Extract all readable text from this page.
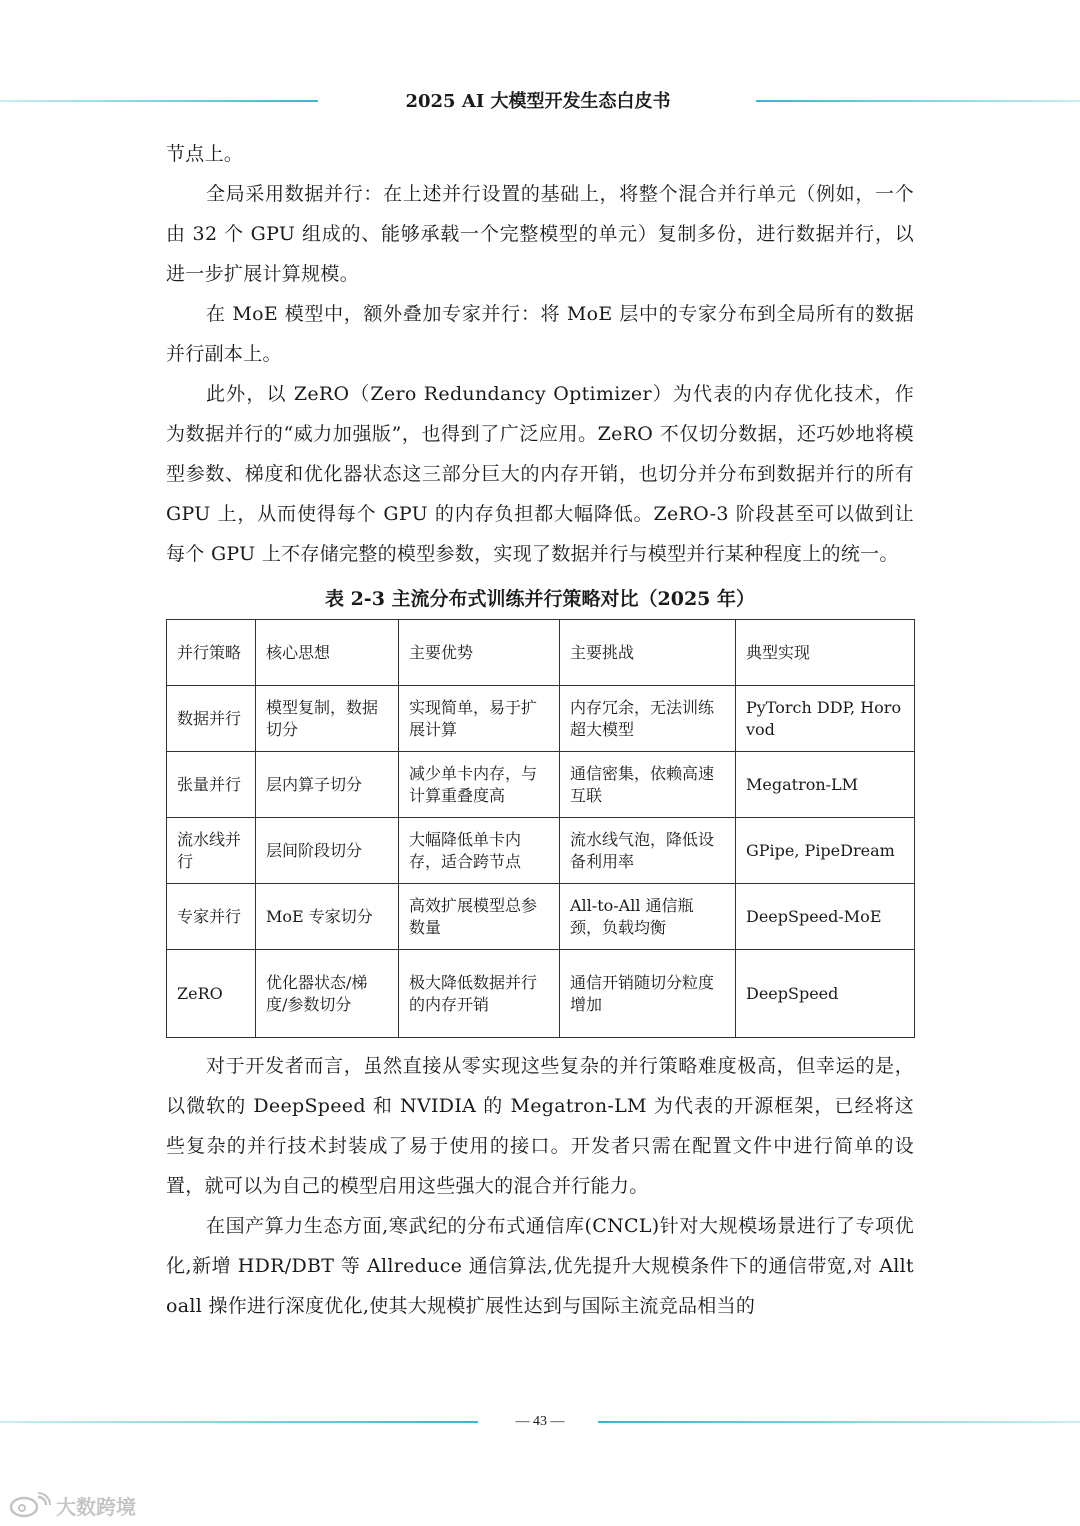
2025 AI 大模型开发生态白皮书

节点上。

全局采用数据并行：在上述并行设置的基础上，将整个混合并行单元（例如，一个由 32 个 GPU 组成的、能够承载一个完整模型的单元）复制多份，进行数据并行，以进一步扩展计算规模。

在 MoE 模型中，额外叠加专家并行：将 MoE 层中的专家分布到全局所有的数据并行副本上。

此外，以 ZeRO（Zero Redundancy Optimizer）为代表的内存优化技术，作为数据并行的“威力加强版”，也得到了广泛应用。ZeRO 不仅切分数据，还巧妙地将模型参数、梯度和优化器状态这三部分巨大的内存开销，也切分并分布到数据并行的所有 GPU 上，从而使得每个 GPU 的内存负担都大幅降低。ZeRO-3 阶段甚至可以做到让每个 GPU 上不存储完整的模型参数，实现了数据并行与模型并行某种程度上的统一。

表 2-3 主流分布式训练并行策略对比（2025 年）
并行策略	核心思想	主要优势	主要挑战	典型实现
数据并行	模型复制，数据切分	实现简单，易于扩展计算	内存冗余，无法训练超大模型	PyTorch DDP, Horovod
张量并行	层内算子切分	减少单卡内存，与计算重叠度高	通信密集，依赖高速互联	Megatron-LM
流水线并行	层间阶段切分	大幅降低单卡内存，适合跨节点	流水线气泡，降低设备利用率	GPipe, PipeDream
专家并行	MoE 专家切分	高效扩展模型总参数量	All-to-All 通信瓶颈，负载均衡	DeepSpeed-MoE
ZeRO	优化器状态/梯度/参数切分	极大降低数据并行的内存开销	通信开销随切分粒度增加	DeepSpeed

对于开发者而言，虽然直接从零实现这些复杂的并行策略难度极高，但幸运的是，以微软的 DeepSpeed 和 NVIDIA 的 Megatron-LM 为代表的开源框架，已经将这些复杂的并行技术封装成了易于使用的接口。开发者只需在配置文件中进行简单的设置，就可以为自己的模型启用这些强大的混合并行能力。

在国产算力生态方面,寒武纪的分布式通信库(CNCL)针对大规模场景进行了专项优化,新增 HDR/DBT 等 Allreduce 通信算法,优先提升大规模条件下的通信带宽,对 Alltoall 操作进行深度优化,使其大规模扩展性达到与国际主流竞品相当的

— 43 —
大数跨境
